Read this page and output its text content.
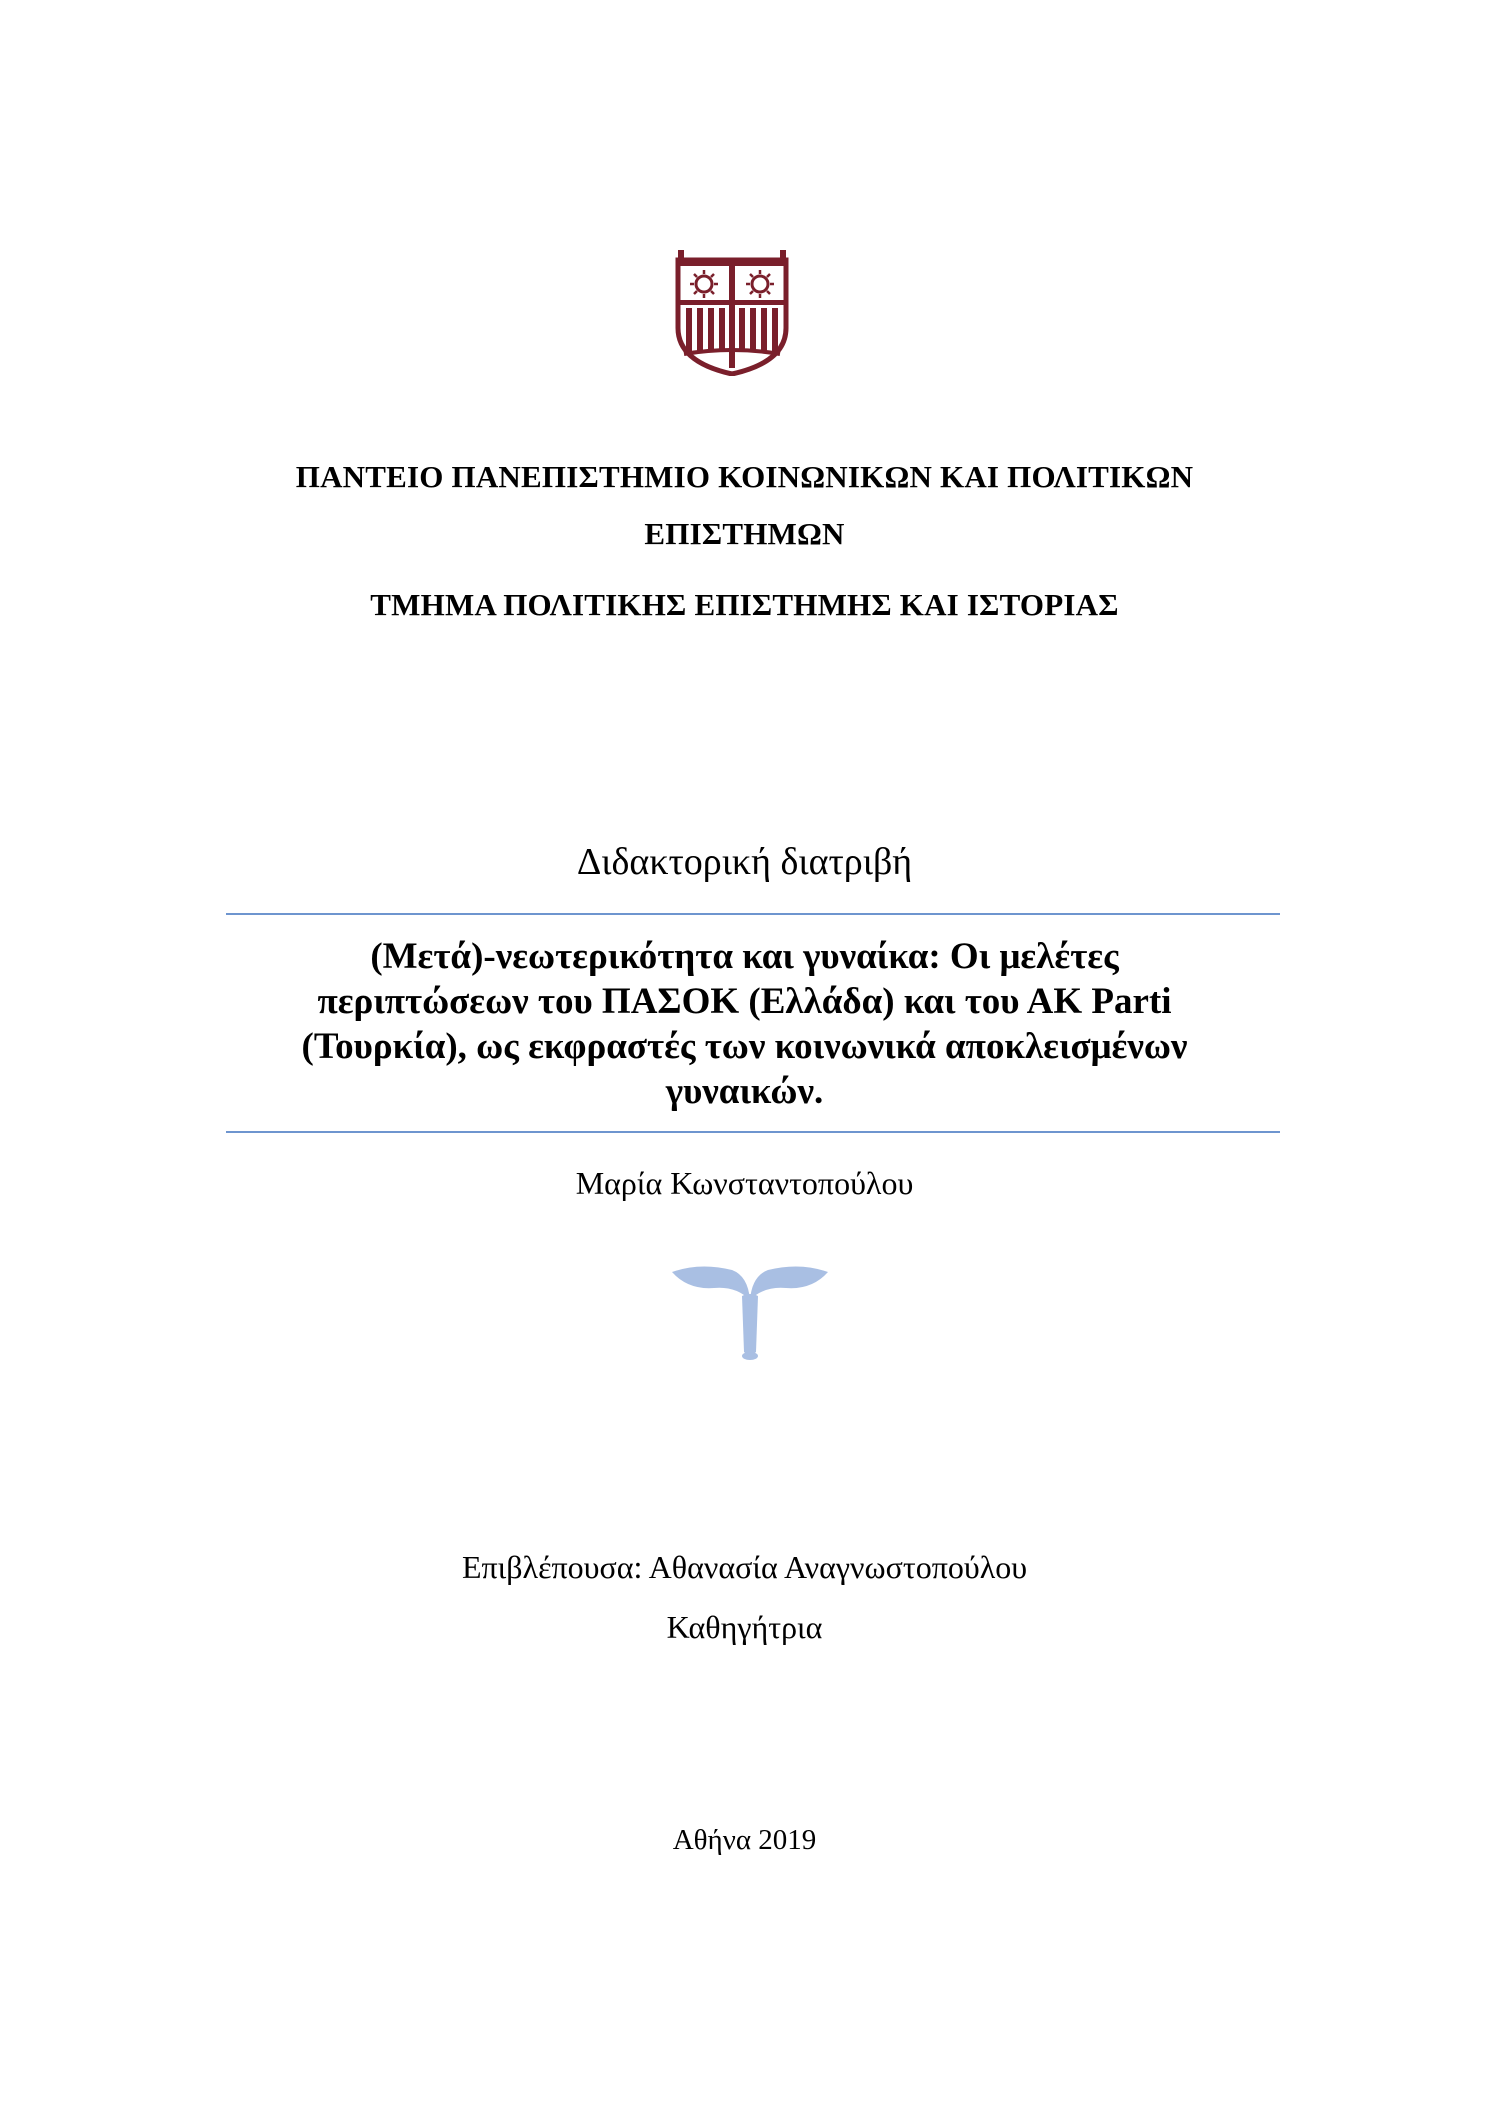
ΠΑΝΤΕΙΟ ΠΑΝΕΠΙΣΤΗΜΙΟ ΚΟΙΝΩΝΙΚΩΝ ΚΑΙ ΠΟΛΙΤΙΚΩΝ
ΕΠΙΣΤΗΜΩΝ
ΤΜΗΜΑ ΠΟΛΙΤΙΚΗΣ ΕΠΙΣΤΗΜΗΣ ΚΑΙ ΙΣΤΟΡΙΑΣ
Διδακτορική διατριβή
(Μετά)-νεωτερικότητα και γυναίκα: Οι μελέτες
περιπτώσεων του ΠΑΣΟΚ (Ελλάδα) και του ΑΚ Parti
(Τουρκία), ως εκφραστές των κοινωνικά αποκλεισμένων
γυναικών.
Μαρία Κωνσταντοπούλου
Επιβλέπουσα: Αθανασία Αναγνωστοπούλου
Καθηγήτρια
Αθήνα 2019
